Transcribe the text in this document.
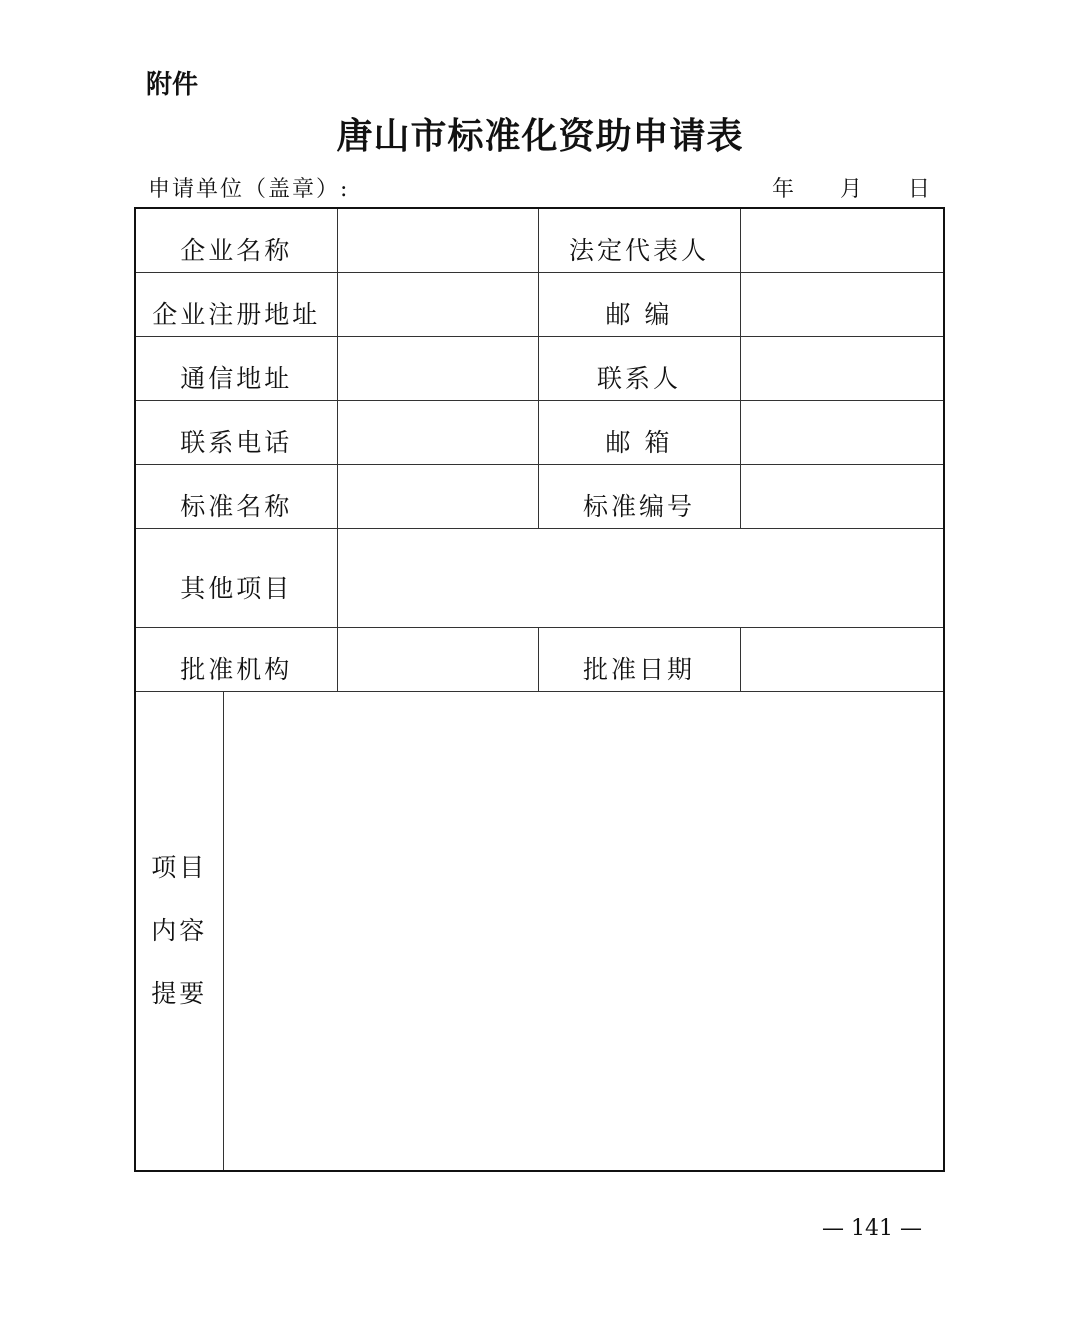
附件
唐山市标准化资助申请表
申请单位（盖章）:	年 月 日
企业名称			法定代表人	
企业注册地址			邮 编	
通信地址			联系人	
联系电话			邮 箱	
标准名称			标准编号	
其他项目				
批准机构			批准日期	

项目
内容
提要				

— 141 —
